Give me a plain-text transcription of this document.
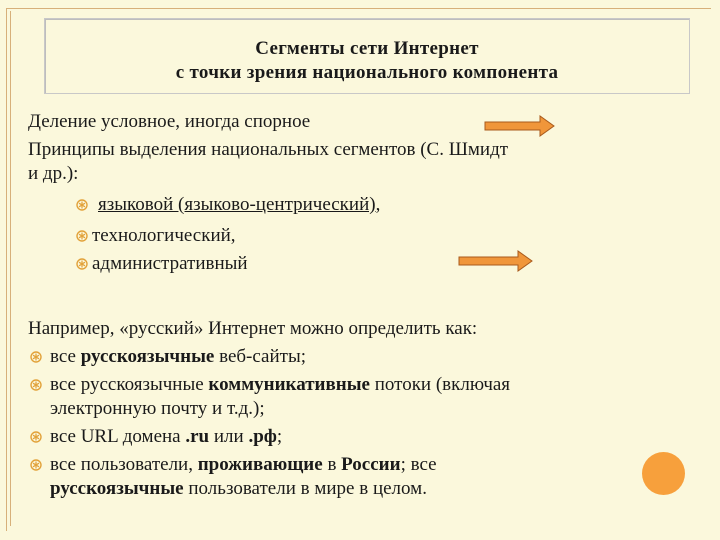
Сегменты сети Интернет
с точки зрения национального компонента
Деление условное, иногда спорное
Принципы выделения национальных сегментов (С. Шмидт
и др.):
языковой (языково-центрический),
технологический,
административный
Например, «русский» Интернет можно определить как:
все русскоязычные веб-сайты;
все русскоязычные коммуникативные потоки (включая
электронную почту и т.д.);
все URL домена .ru или .рф;
все пользователи, проживающие в России; все
русскоязычные пользователи в мире в целом.
